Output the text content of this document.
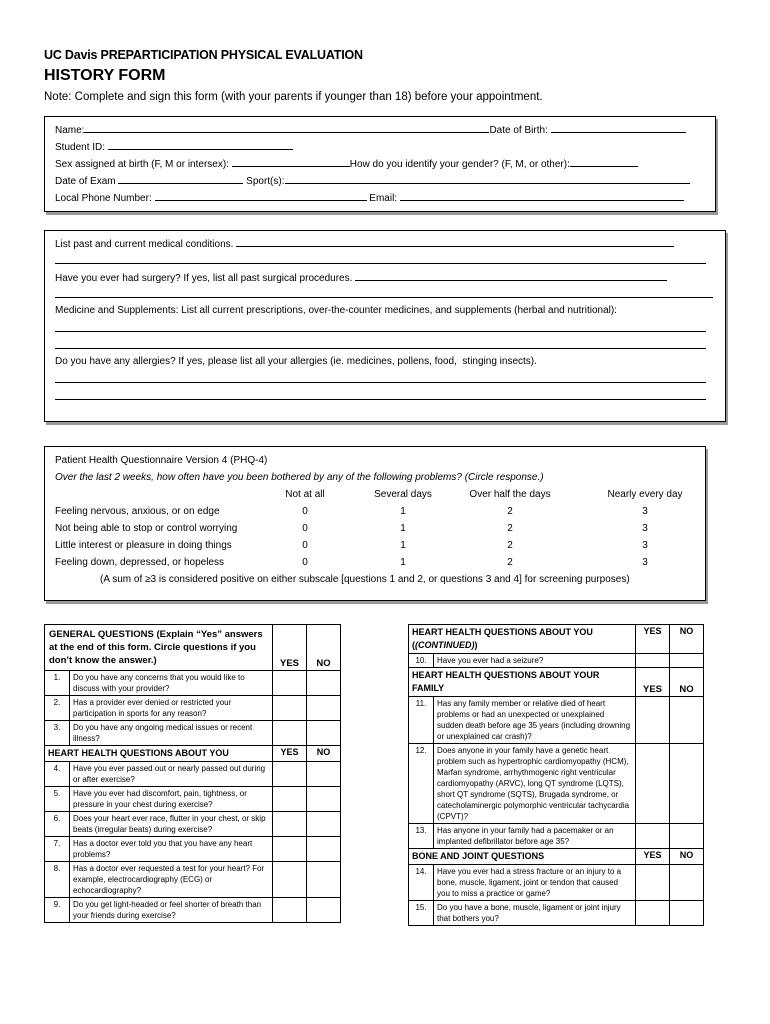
UC Davis PREPARTICIPATION PHYSICAL EVALUATION
HISTORY FORM
Note: Complete and sign this form (with your parents if younger than 18) before your appointment.
Name:	Date of Birth:
Student ID:
Sex assigned at birth (F, M or intersex):	How do you identify your gender? (F, M, or other):
Date of Exam	Sport(s):
Local Phone Number:	Email:
List past and current medical conditions.
Have you ever had surgery? If yes, list all past surgical procedures.
Medicine and Supplements: List all current prescriptions, over-the-counter medicines, and supplements (herbal and nutritional):
Do you have any allergies? If yes, please list all your allergies (ie. medicines, pollens, food,  stinging insects).
Patient Health Questionnaire Version 4 (PHQ-4)
Over the last 2 weeks, how often have you been bothered by any of the following problems? (Circle response.)
Not at all	Several days	Over half the days	Nearly every day
Feeling nervous, anxious, or on edge	0	1	2	3
Not being able to stop or control worrying	0	1	2	3
Little interest or pleasure in doing things	0	1	2	3
Feeling down, depressed, or hopeless	0	1	2	3
(A sum of ≥3 is considered positive on either subscale [questions 1 and 2, or questions 3 and 4] for screening purposes)
GENERAL QUESTIONS (Explain “Yes” answers at the end of this form. Circle questions if you don’t know the answer.)		YES	NO
1.	Do you have any concerns that you would like to discuss with your provider?		
2.	Has a provider ever denied or restricted your participation in sports for any reason?		
3.	Do you have any ongoing medical issues or recent illness?		
HEART HEALTH QUESTIONS ABOUT YOU		YES	NO
4.	Have you ever passed out or nearly passed out during or after exercise?		
5.	Have you ever had discomfort, pain, tightness, or pressure in your chest during exercise?		
6.	Does your heart ever race, flutter in your chest, or skip beats (irregular beats) during exercise?		
7.	Has a doctor ever told you that you have any heart problems?		
8.	Has a doctor ever requested a test for your heart? For example, electrocardiography (ECG) or echocardiography?		
9.	Do you get light-headed or feel shorter of breath than your friends during exercise?		
HEART HEALTH QUESTIONS ABOUT YOU
((CONTINUED))		YES	NO
10.	Have you ever had a seizure?		
HEART HEALTH QUESTIONS ABOUT YOUR FAMILY		YES	NO
11.	Has any family member or relative died of heart problems or had an unexpected or unexplained sudden death before age 35 years (including drowning or unexplained car crash)?		
12.	Does anyone in your family have a genetic heart problem such as hypertrophic cardiomyopathy (HCM), Marfan syndrome, arrhythmogenic right ventricular cardiomyopathy (ARVC), long QT syndrome (LQTS), short QT syndrome (SQTS), Brugada syndrome, or catecholaminergic polymorphic ventricular tachycardia (CPVT)?		
13.	Has anyone in your family had a pacemaker or an implanted defibrillator before age 35?		
BONE AND JOINT QUESTIONS		YES	NO
14.	Have you ever had a stress fracture or an injury to a bone, muscle, ligament, joint or tendon that caused you to miss a practice or game?		
15.	Do you have a bone, muscle, ligament or joint injury that bothers you?		
